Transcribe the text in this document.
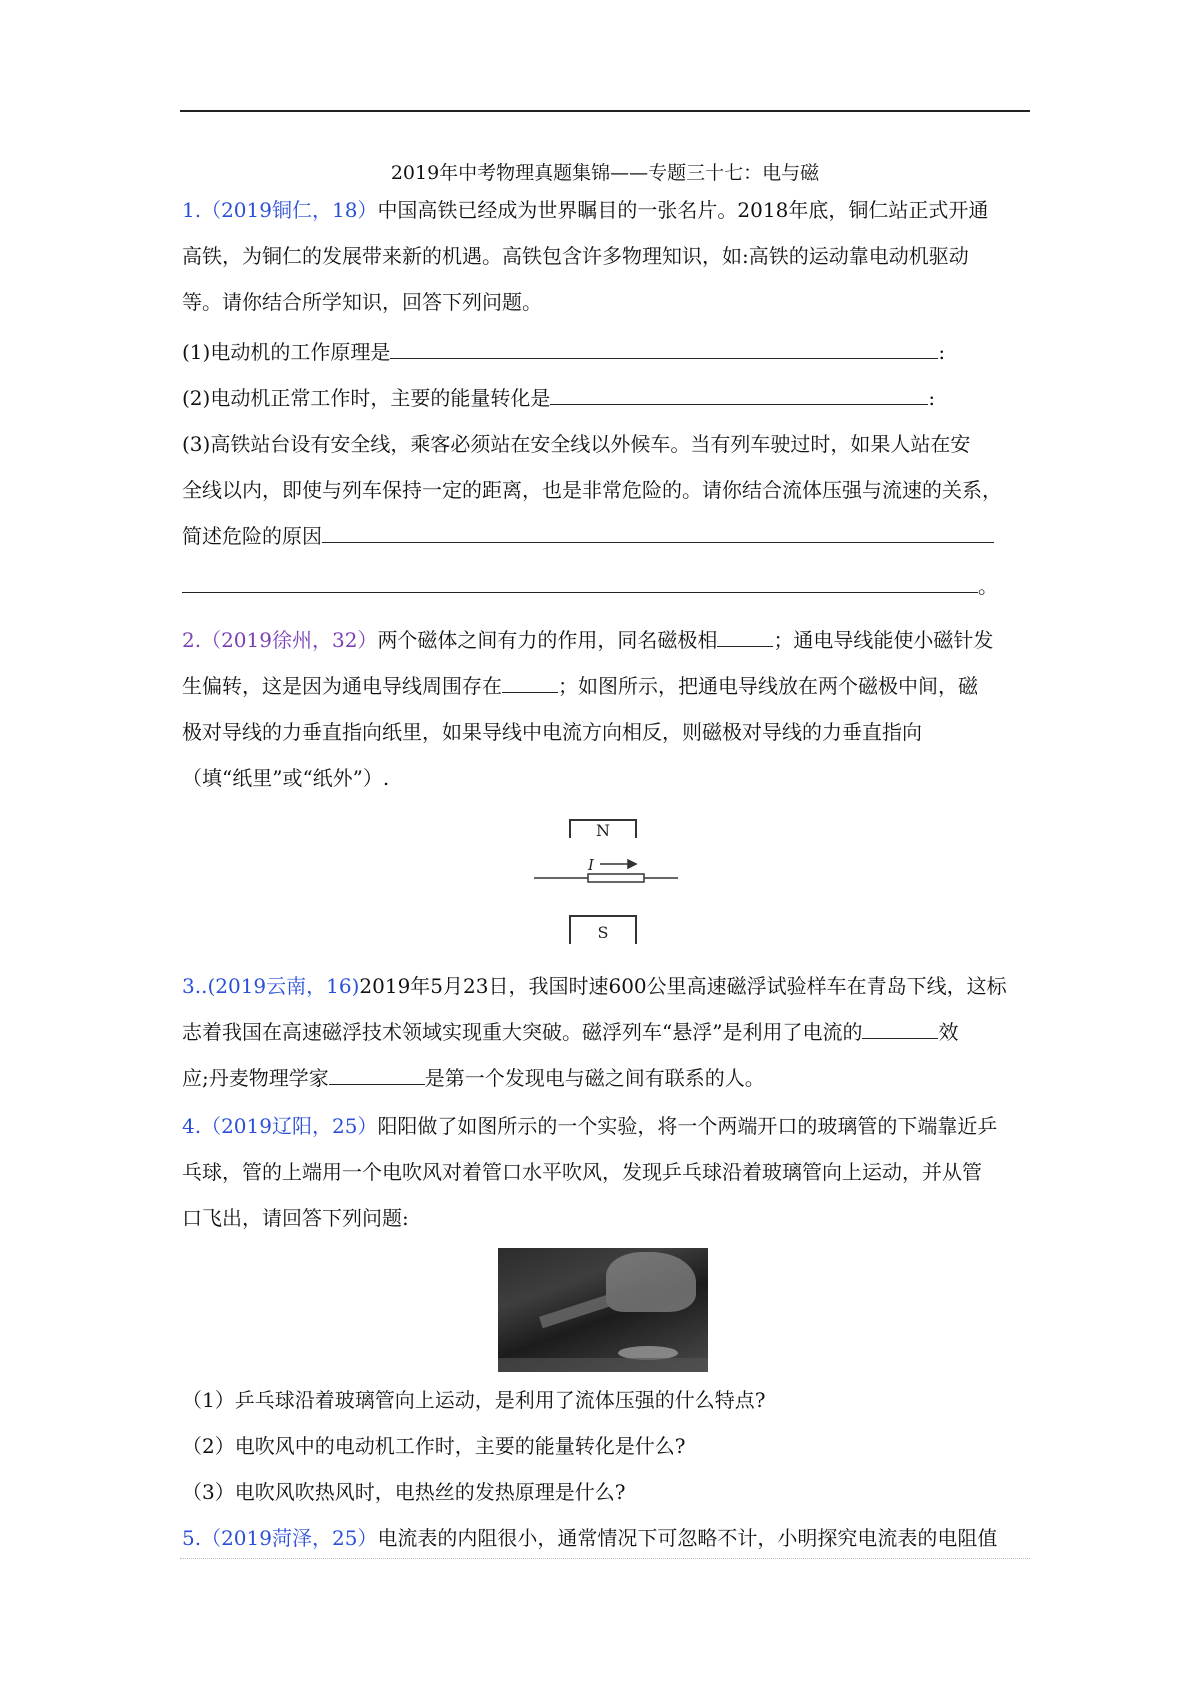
2019年中考物理真题集锦——专题三十七：电与磁
1.（2019铜仁，18）中国高铁已经成为世界瞩目的一张名片。2018年底，铜仁站正式开通
高铁，为铜仁的发展带来新的机遇。高铁包含许多物理知识，如:高铁的运动靠电动机驱动
等。请你结合所学知识，回答下列问题。
(1)电动机的工作原理是	:
(2)电动机正常工作时，主要的能量转化是	:
(3)高铁站台设有安全线，乘客必须站在安全线以外候车。当有列车驶过时，如果人站在安
全线以内，即使与列车保持一定的距离，也是非常危险的。请你结合流体压强与流速的关系，
简述危险的原因
。
2.（2019徐州，32）两个磁体之间有力的作用，同名磁极相	；通电导线能使小磁针发
生偏转，这是因为通电导线周围存在	；如图所示，把通电导线放在两个磁极中间，磁
极对导线的力垂直指向纸里，如果导线中电流方向相反，则磁极对导线的力垂直指向
（填“纸里”或“纸外”）.
N
I
S
3..(2019云南，16)2019年5月23日，我国时速600公里高速磁浮试验样车在青岛下线，这标
志着我国在高速磁浮技术领域实现重大突破。磁浮列车“悬浮”是利用了电流的	效
应;丹麦物理学家	是第一个发现电与磁之间有联系的人。
4.（2019辽阳，25）阳阳做了如图所示的一个实验，将一个两端开口的玻璃管的下端靠近乒
乓球，管的上端用一个电吹风对着管口水平吹风，发现乒乓球沿着玻璃管向上运动，并从管
口飞出，请回答下列问题:
（1）乒乓球沿着玻璃管向上运动，是利用了流体压强的什么特点?
（2）电吹风中的电动机工作时，主要的能量转化是什么?
（3）电吹风吹热风时，电热丝的发热原理是什么?
5.（2019菏泽，25）电流表的内阻很小，通常情况下可忽略不计，小明探究电流表的电阻值
